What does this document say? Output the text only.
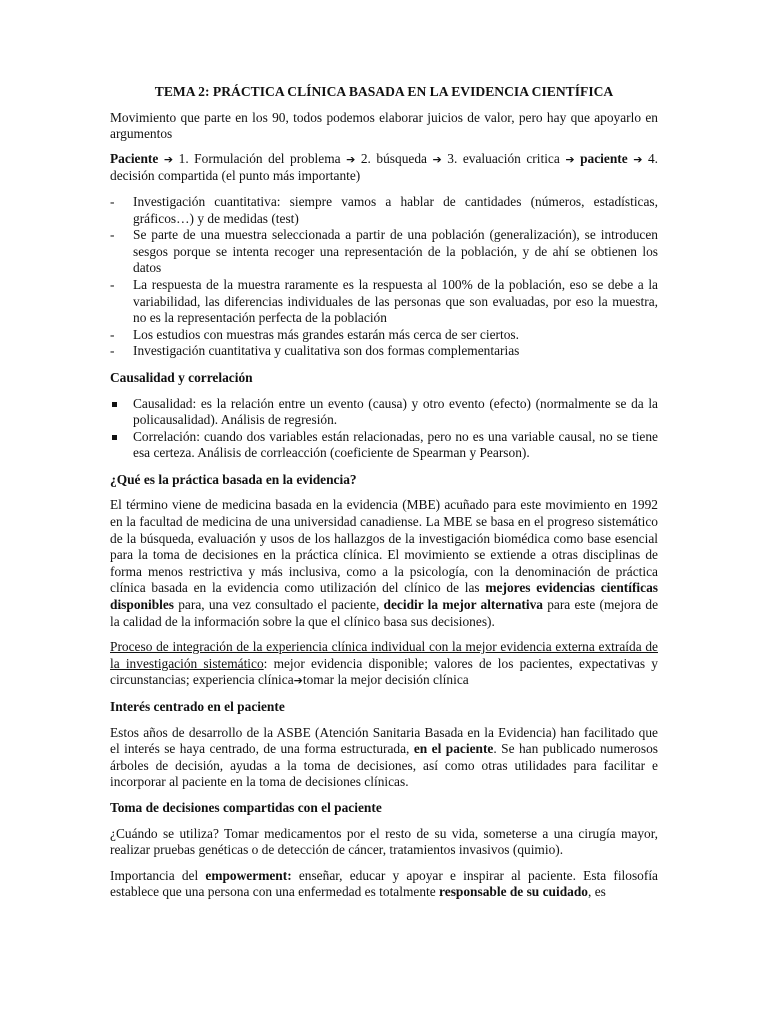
TEMA 2: PRÁCTICA CLÍNICA BASADA EN LA EVIDENCIA CIENTÍFICA

Movimiento que parte en los 90, todos podemos elaborar juicios de valor, pero hay que apoyarlo en argumentos

Paciente ➔ 1. Formulación del problema ➔ 2. búsqueda ➔ 3. evaluación critica ➔ paciente ➔ 4. decisión compartida (el punto más importante)

- Investigación cuantitativa: siempre vamos a hablar de cantidades (números, estadísticas, gráficos…) y de medidas (test)
- Se parte de una muestra seleccionada a partir de una población (generalización), se introducen sesgos porque se intenta recoger una representación de la población, y de ahí se obtienen los datos
- La respuesta de la muestra raramente es la respuesta al 100% de la población, eso se debe a la variabilidad, las diferencias individuales de las personas que son evaluadas, por eso la muestra, no es la representación perfecta de la población
- Los estudios con muestras más grandes estarán más cerca de ser ciertos.
- Investigación cuantitativa y cualitativa son dos formas complementarias
Causalidad y correlación
Causalidad: es la relación entre un evento (causa) y otro evento (efecto) (normalmente se da la policausalidad). Análisis de regresión.
Correlación: cuando dos variables están relacionadas, pero no es una variable causal, no se tiene esa certeza. Análisis de corrleacción (coeficiente de Spearman y Pearson).
¿Qué es la práctica basada en la evidencia?

El término viene de medicina basada en la evidencia (MBE) acuñado para este movimiento en 1992 en la facultad de medicina de una universidad canadiense. La MBE se basa en el progreso sistemático de la búsqueda, evaluación y usos de los hallazgos de la investigación biomédica como base esencial para la toma de decisiones en la práctica clínica. El movimiento se extiende a otras disciplinas de forma menos restrictiva y más inclusiva, como a la psicología, con la denominación de práctica clínica basada en la evidencia como utilización del clínico de las mejores evidencias científicas disponibles para, una vez consultado el paciente, decidir la mejor alternativa para este (mejora de la calidad de la información sobre la que el clínico basa sus decisiones).

Proceso de integración de la experiencia clínica individual con la mejor evidencia externa extraída de la investigación sistemático: mejor evidencia disponible; valores de los pacientes, expectativas y circunstancias; experiencia clínica➔tomar la mejor decisión clínica

Interés centrado en el paciente

Estos años de desarrollo de la ASBE (Atención Sanitaria Basada en la Evidencia) han facilitado que el interés se haya centrado, de una forma estructurada, en el paciente. Se han publicado numerosos árboles de decisión, ayudas a la toma de decisiones, así como otras utilidades para facilitar e incorporar al paciente en la toma de decisiones clínicas.

Toma de decisiones compartidas con el paciente

¿Cuándo se utiliza? Tomar medicamentos por el resto de su vida, someterse a una cirugía mayor, realizar pruebas genéticas o de detección de cáncer, tratamientos invasivos (quimio).

Importancia del empowerment: enseñar, educar y apoyar e inspirar al paciente. Esta filosofía establece que una persona con una enfermedad es totalmente responsable de su cuidado, es
